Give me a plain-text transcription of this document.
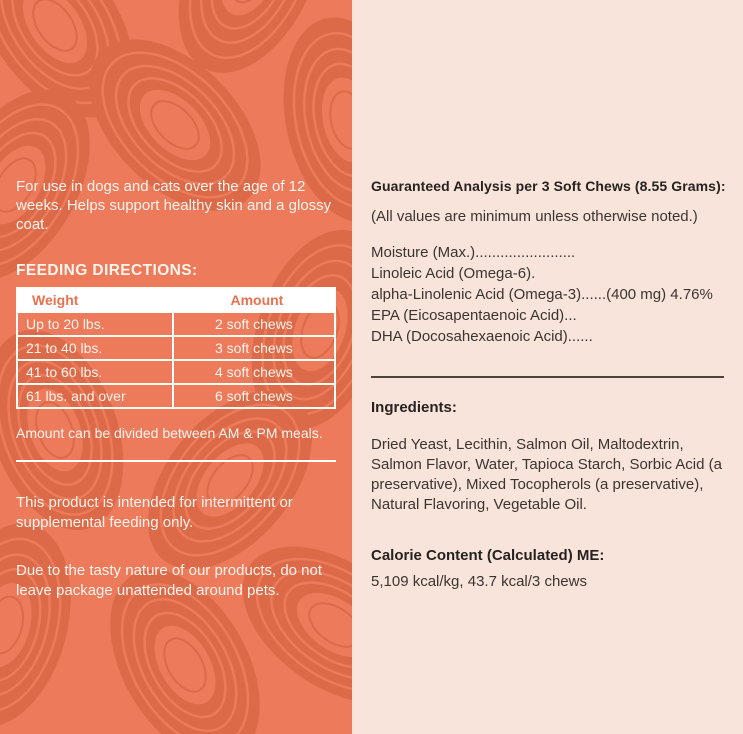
For use in dogs and cats over the age of 12 weeks. Helps support healthy skin and a glossy coat.

FEEDING DIRECTIONS:
Weight	Amount
Up to 20 lbs.	2 soft chews
21 to 40 lbs.	3 soft chews
41 to 60 lbs.	4 soft chews
61 lbs. and over	6 soft chews
Amount can be divided between AM & PM meals.
This product is intended for intermittent or supplemental feeding only.
Due to the tasty nature of our products, do not leave package unattended around pets.
Guaranteed Analysis per 3 Soft Chews (8.55 Grams):
(All values are minimum unless otherwise noted.)
Moisture (Max.)........................
Linoleic Acid (Omega-6).
alpha-Linolenic Acid (Omega-3)......(400 mg) 4.76%
EPA (Eicosapentaenoic Acid)...
DHA (Docosahexaenoic Acid)......
Ingredients:
Dried Yeast, Lecithin, Salmon Oil, Maltodextrin, Salmon Flavor, Water, Tapioca Starch, Sorbic Acid (a preservative), Mixed Tocopherols (a preservative), Natural Flavoring, Vegetable Oil.
Calorie Content (Calculated) ME:
5,109 kcal/kg, 43.7 kcal/3 chews
